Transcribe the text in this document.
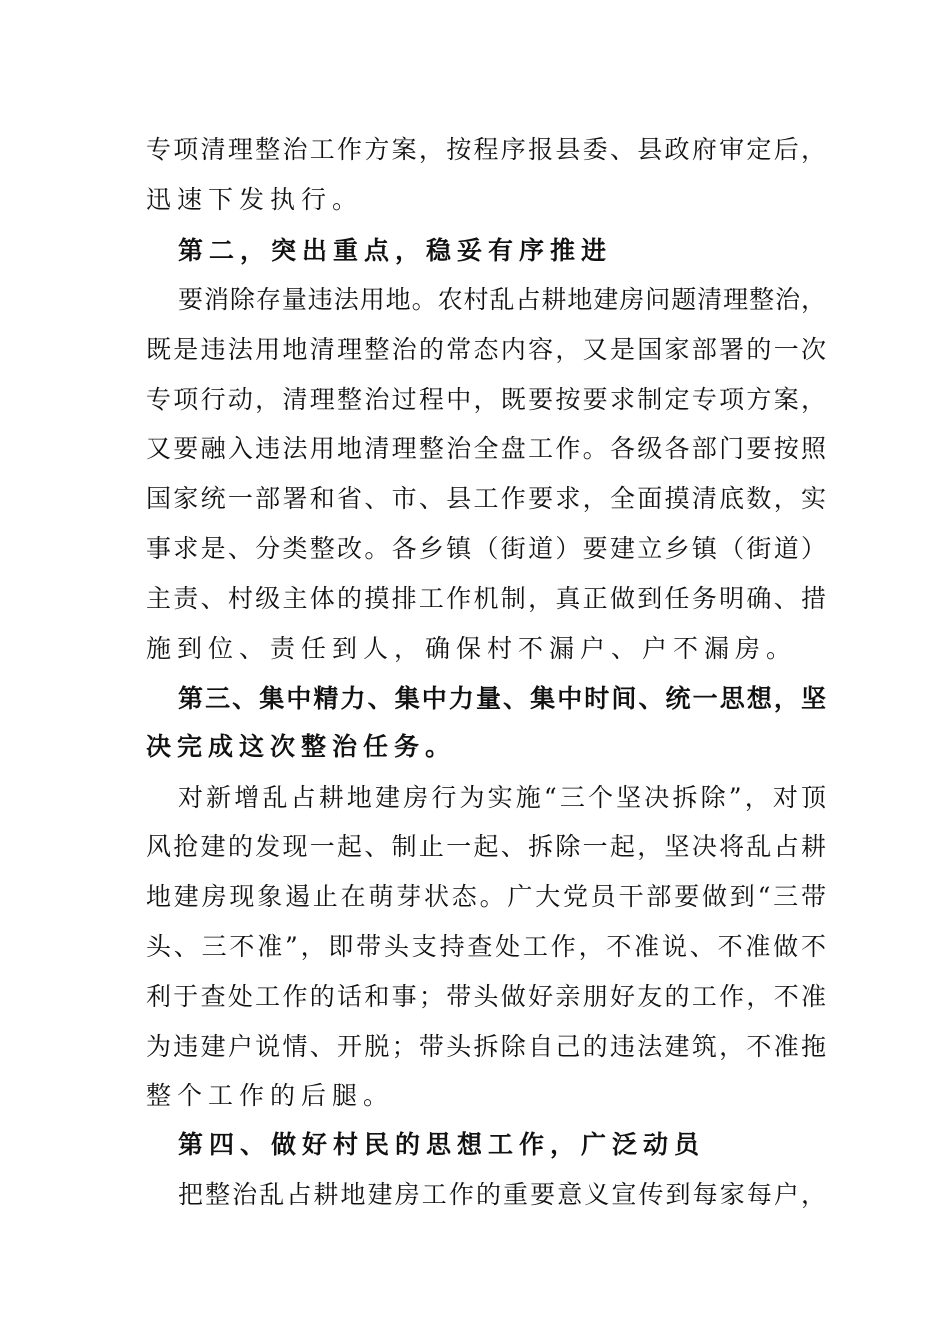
专项清理整治工作方案，按程序报县委、县政府审定后，
迅速下发执行。
第二，突出重点，稳妥有序推进
要消除存量违法用地。农村乱占耕地建房问题清理整治，
既是违法用地清理整治的常态内容，又是国家部署的一次
专项行动，清理整治过程中，既要按要求制定专项方案，
又要融入违法用地清理整治全盘工作。各级各部门要按照
国家统一部署和省、市、县工作要求，全面摸清底数，实
事求是、分类整改。各乡镇（街道）要建立乡镇（街道）
主责、村级主体的摸排工作机制，真正做到任务明确、措
施到位、责任到人，确保村不漏户、户不漏房。
第三、集中精力、集中力量、集中时间、统一思想，坚
决完成这次整治任务。
对新增乱占耕地建房行为实施“三个坚决拆除”，对顶
风抢建的发现一起、制止一起、拆除一起，坚决将乱占耕
地建房现象遏止在萌芽状态。广大党员干部要做到“三带
头、三不准”，即带头支持查处工作，不准说、不准做不
利于查处工作的话和事；带头做好亲朋好友的工作，不准
为违建户说情、开脱；带头拆除自己的违法建筑，不准拖
整个工作的后腿。
第四、做好村民的思想工作，广泛动员
把整治乱占耕地建房工作的重要意义宣传到每家每户，
